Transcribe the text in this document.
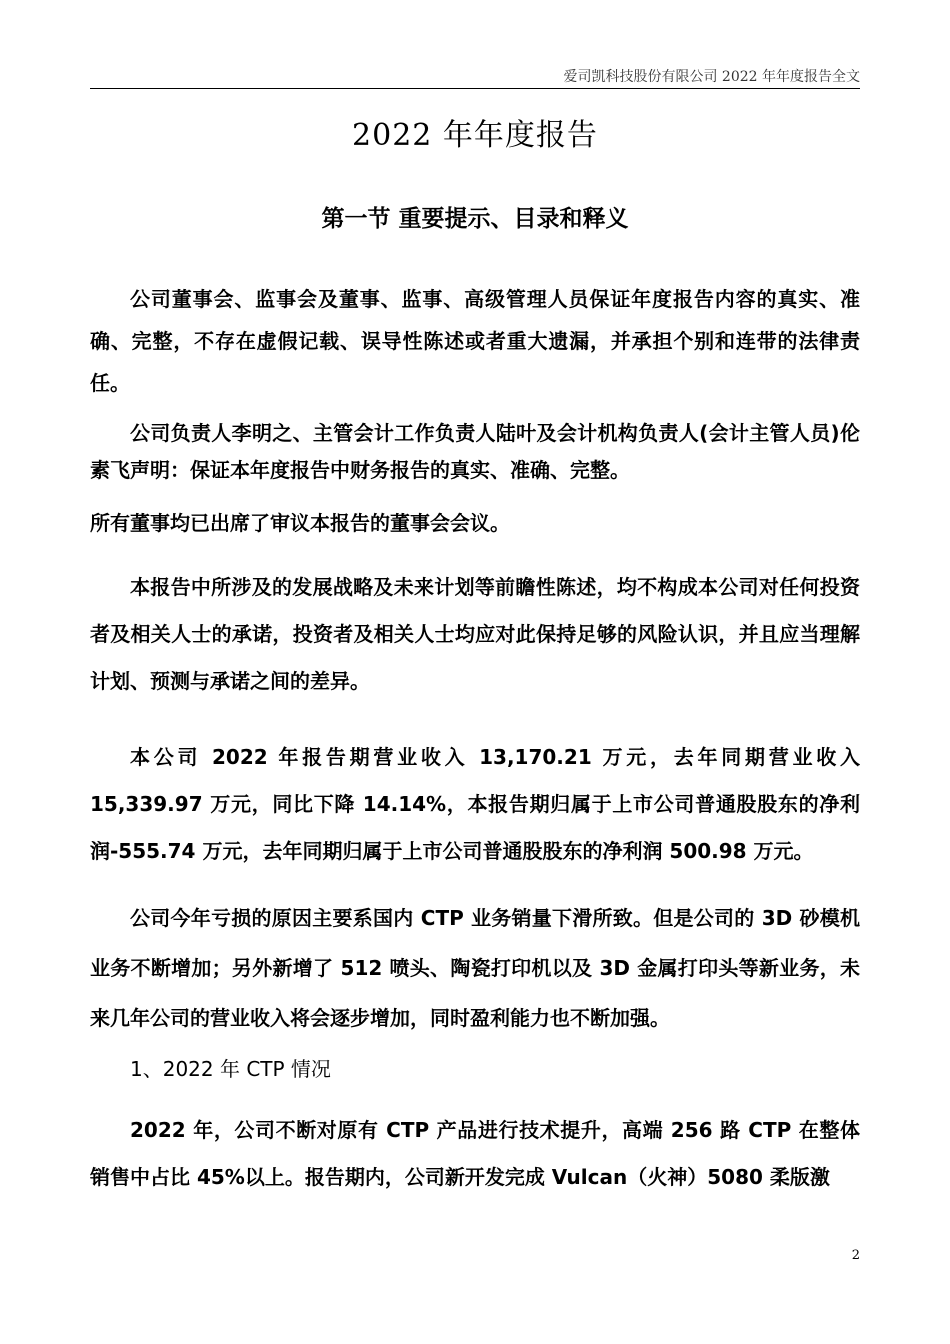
爱司凯科技股份有限公司 2022 年年度报告全文
2022 年年度报告
第一节 重要提示、目录和释义

公司董事会、监事会及董事、监事、高级管理人员保证年度报告内容的真实、准确、完整，不存在虚假记载、误导性陈述或者重大遗漏，并承担个别和连带的法律责任。

公司负责人李明之、主管会计工作负责人陆叶及会计机构负责人(会计主管人员)伦素飞声明：保证本年度报告中财务报告的真实、准确、完整。

所有董事均已出席了审议本报告的董事会会议。

本报告中所涉及的发展战略及未来计划等前瞻性陈述，均不构成本公司对任何投资者及相关人士的承诺，投资者及相关人士均应对此保持足够的风险认识，并且应当理解计划、预测与承诺之间的差异。

本公司 2022 年报告期营业收入 13,170.21 万元，去年同期营业收入15,339.97 万元，同比下降 14.14%，本报告期归属于上市公司普通股股东的净利润-555.74 万元，去年同期归属于上市公司普通股股东的净利润 500.98 万元。

公司今年亏损的原因主要系国内 CTP 业务销量下滑所致。但是公司的 3D 砂模机业务不断增加；另外新增了 512 喷头、陶瓷打印机以及 3D 金属打印头等新业务，未来几年公司的营业收入将会逐步增加，同时盈利能力也不断加强。

1、2022 年 CTP 情况

2022 年，公司不断对原有 CTP 产品进行技术提升，高端 256 路 CTP 在整体销售中占比 45%以上。报告期内，公司新开发完成 Vulcan（火神）5080 柔版激

2
